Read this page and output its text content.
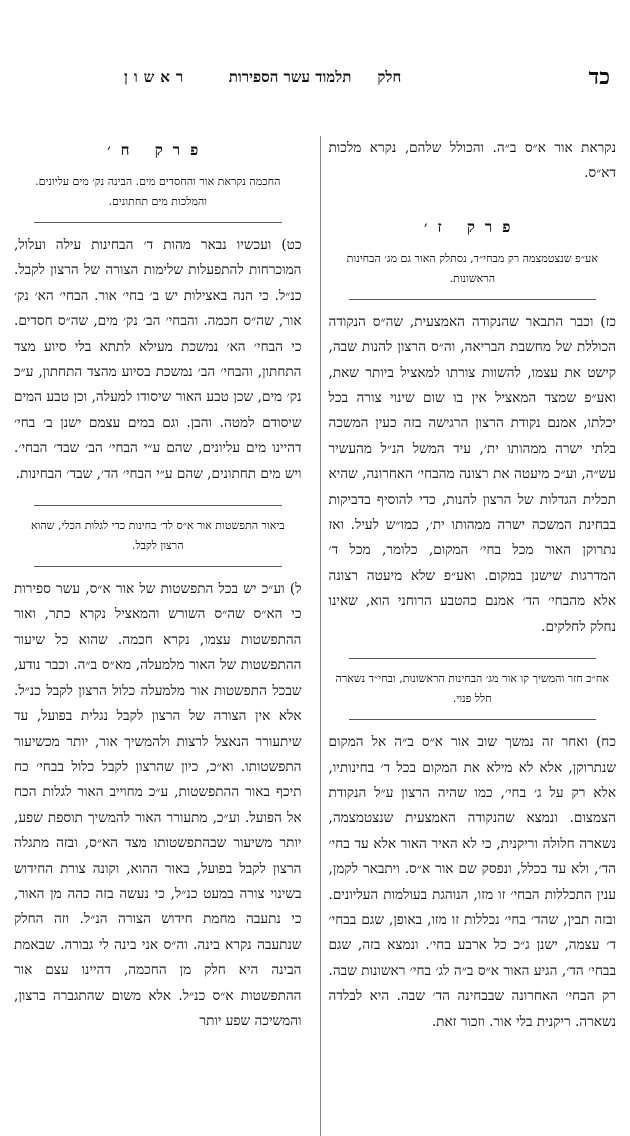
כד
חלקתלמוד עשר הספירות
ראשון

נקראת אור א״ס ב״ה. והכולל שלהם, נקרא מלכות דא״ס.

פרק ז׳
אע״פ שנצטמצמה רק מבחי״ד, נסתלק האור גם מג׳ הבחינות הראשונות.

כז) וכבר התבאר שהנקודה האמצעית, שה״ס הנקודה הכוללת של מחשבת הבריאה, וה״ס הרצון להנות שבה, קישט את עצמו, להשוות צורתו למאציל ביותר שאת, ואע״פ שמצד המאציל אין בו שום שינוי צורה בכל יכלתו, אמנם נקודת הרצון הרגישה בזה כעין המשכה בלתי ישרה ממהותו ית׳, עיד המשל הנ״ל מהעשיר עש״ה, וע״כ מיעטה את רצונה מהבחי׳ האחרונה, שהיא תכלית הגדלות של הרצון להנות, כדי להוסיף בדביקות בבחינת המשכה ישרה ממהותו ית׳, כמו״ש לעיל. ואז נתרוקן האור מכל בחי׳ המקום, כלומר, מכל ד׳ המדרגות שישנן במקום. ואע״פ שלא מיעטה רצונה אלא מהבחי׳ הד׳ אמנם כהטבע הרוחני הוא, שאינו נחלק לחלקים.

אח״כ חזר והמשיך קו אור מג׳ הבחינות הראשונות, ובחי״ד נשארה חלל פנוי.

כח) ואחר זה נמשך שוב אור א״ס ב״ה אל המקום שנתרוקן, אלא לא מילא את המקום בכל ד׳ בחינותיו, אלא רק על ג׳ בחי׳, כמו שהיה הרצון ע״ל הנקודת הצמצום. ונמצא שהנקודה האמצעית שנצטמצמה, נשארה חלולה וריקנית, כי לא האיר האור אלא עד בחי׳ הד׳, ולא עד בכלל, ונפסק שם אור א״ס. ויתבאר לקמן, ענין התכללות הבחי׳ זו מזו, הנוהגת בעולמות העליונים. ובזה תבין, שהד׳ בחי׳ נכללות זו מזו, באופן, שגם בבחי׳ ד׳ עצמה, ישנן ג״כ כל ארבע בחי׳. ונמצא בזה, שגם בבחי׳ הד׳, הגיע האור א״ס ב״ה לג׳ בחי׳ ראשונות שבה. רק הבחי׳ האחרונה שבבחינה הד׳ שבה. היא לבלדה נשארה. ריקנית בלי אור. וזכור זאת.

פרק ח׳
החכמה נקראת אור והחסדים מים. הבינה נק׳ מים עליונים. והמלכות מים תחתונים.

כט) ועכשיו נבאר מהות ד׳ הבחינות עילה ועלול, המוכרחות להתפעלות שלימות הצורה של הרצון לקבל. כנ״ל. כי הנה באצילות יש ב׳ בחי׳ אור. הבחי׳ הא׳ נק׳ אור, שה״ס חכמה. והבחי׳ הב׳ נק׳ מים, שה״ס חסדים. כי הבחי׳ הא׳ נמשכת מעילא לתתא בלי סיוע מצד התחתון, והבחי׳ הב׳ נמשכת בסיוע מהצד התחתון, ע״כ נק׳ מים, שכן טבע האור שיסודו למעלה, וכן טבע המים שיסודם למטה. והבן. וגם במים עצמם ישנן ב׳ בחי׳ דהיינו מים עליונים, שהם ע״י הבחי׳ הב׳ שבד׳ הבחי׳. ויש מים תחתונים, שהם ע״י הבחי׳ הד׳, שבד׳ הבחינות.

ביאור התפשטות אור א״ס לד׳ בחינות כדי לגלות הכלי, שהוא הרצון לקבל.

ל) וע״כ יש בכל התפשטות של אור א״ס, עשר ספירות כי הא״ס שה״ס השורש והמאציל נקרא כתר, ואור ההתפשטות עצמו, נקרא חכמה. שהוא כל שיעור ההתפשטות של האור מלמעלה, מא״ס ב״ה. וכבר נודע, שבכל התפשטות אור מלמעלה כלול הרצון לקבל כנ״ל. אלא אין הצורה של הרצון לקבל נגלית בפועל, עד שיתעורר הנאצל לרצות ולהמשיך אור, יותר מכשיעור התפשטותו. וא״כ, כיון שהרצון לקבל כלול בבחי׳ כח תיכף באור ההתפשטות, ע״כ מחוייב האור לגלות הכח אל הפועל. וע״כ, מתעורר האור להמשיך תוספת שפע, יותר משיעור שבהתפשטותו מצד הא״ס, ובזה מתגלה הרצון לקבל בפועל, באור ההוא, וקונה צורת החידוש בשינוי צורה במעט כנ״ל, כי נעשה בזה כהה מן האור, כי נתעבה מחמת חידוש הצורה הנ״ל. וזה החלק שנתעבה נקרא בינה. וה״ס אני בינה לי גבורה. שבאמת הבינה היא חלק מן החכמה, דהיינו עצם אור ההתפשטות א״ס כנ״ל. אלא משום שהתגברה ברצון, והמשיכה שפע יותר
